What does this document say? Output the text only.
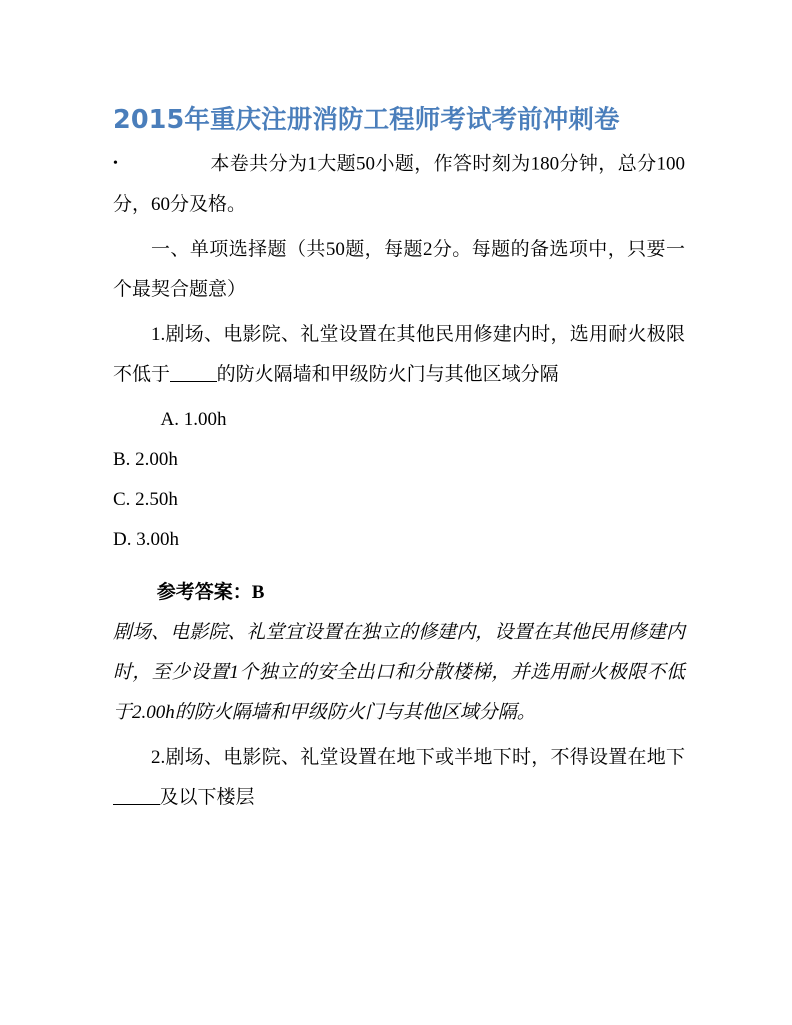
2015年重庆注册消防工程师考试考前冲刺卷

•	本卷共分为1大题50小题，作答时刻为180分钟，总分100分，60分及格。

一、单项选择题（共50题，每题2分。每题的备选项中，只要一个最契合题意）

1.剧场、电影院、礼堂设置在其他民用修建内时，选用耐火极限不低于 的防火隔墙和甲级防火门与其他区域分隔

A. 1.00h

B. 2.00h

C. 2.50h

D. 3.00h

参考答案：B

剧场、电影院、礼堂宜设置在独立的修建内，设置在其他民用修建内时，至少设置1个独立的安全出口和分散楼梯，并选用耐火极限不低于2.00h的防火隔墙和甲级防火门与其他区域分隔。

2.剧场、电影院、礼堂设置在地下或半地下时，不得设置在地下及以下楼层
